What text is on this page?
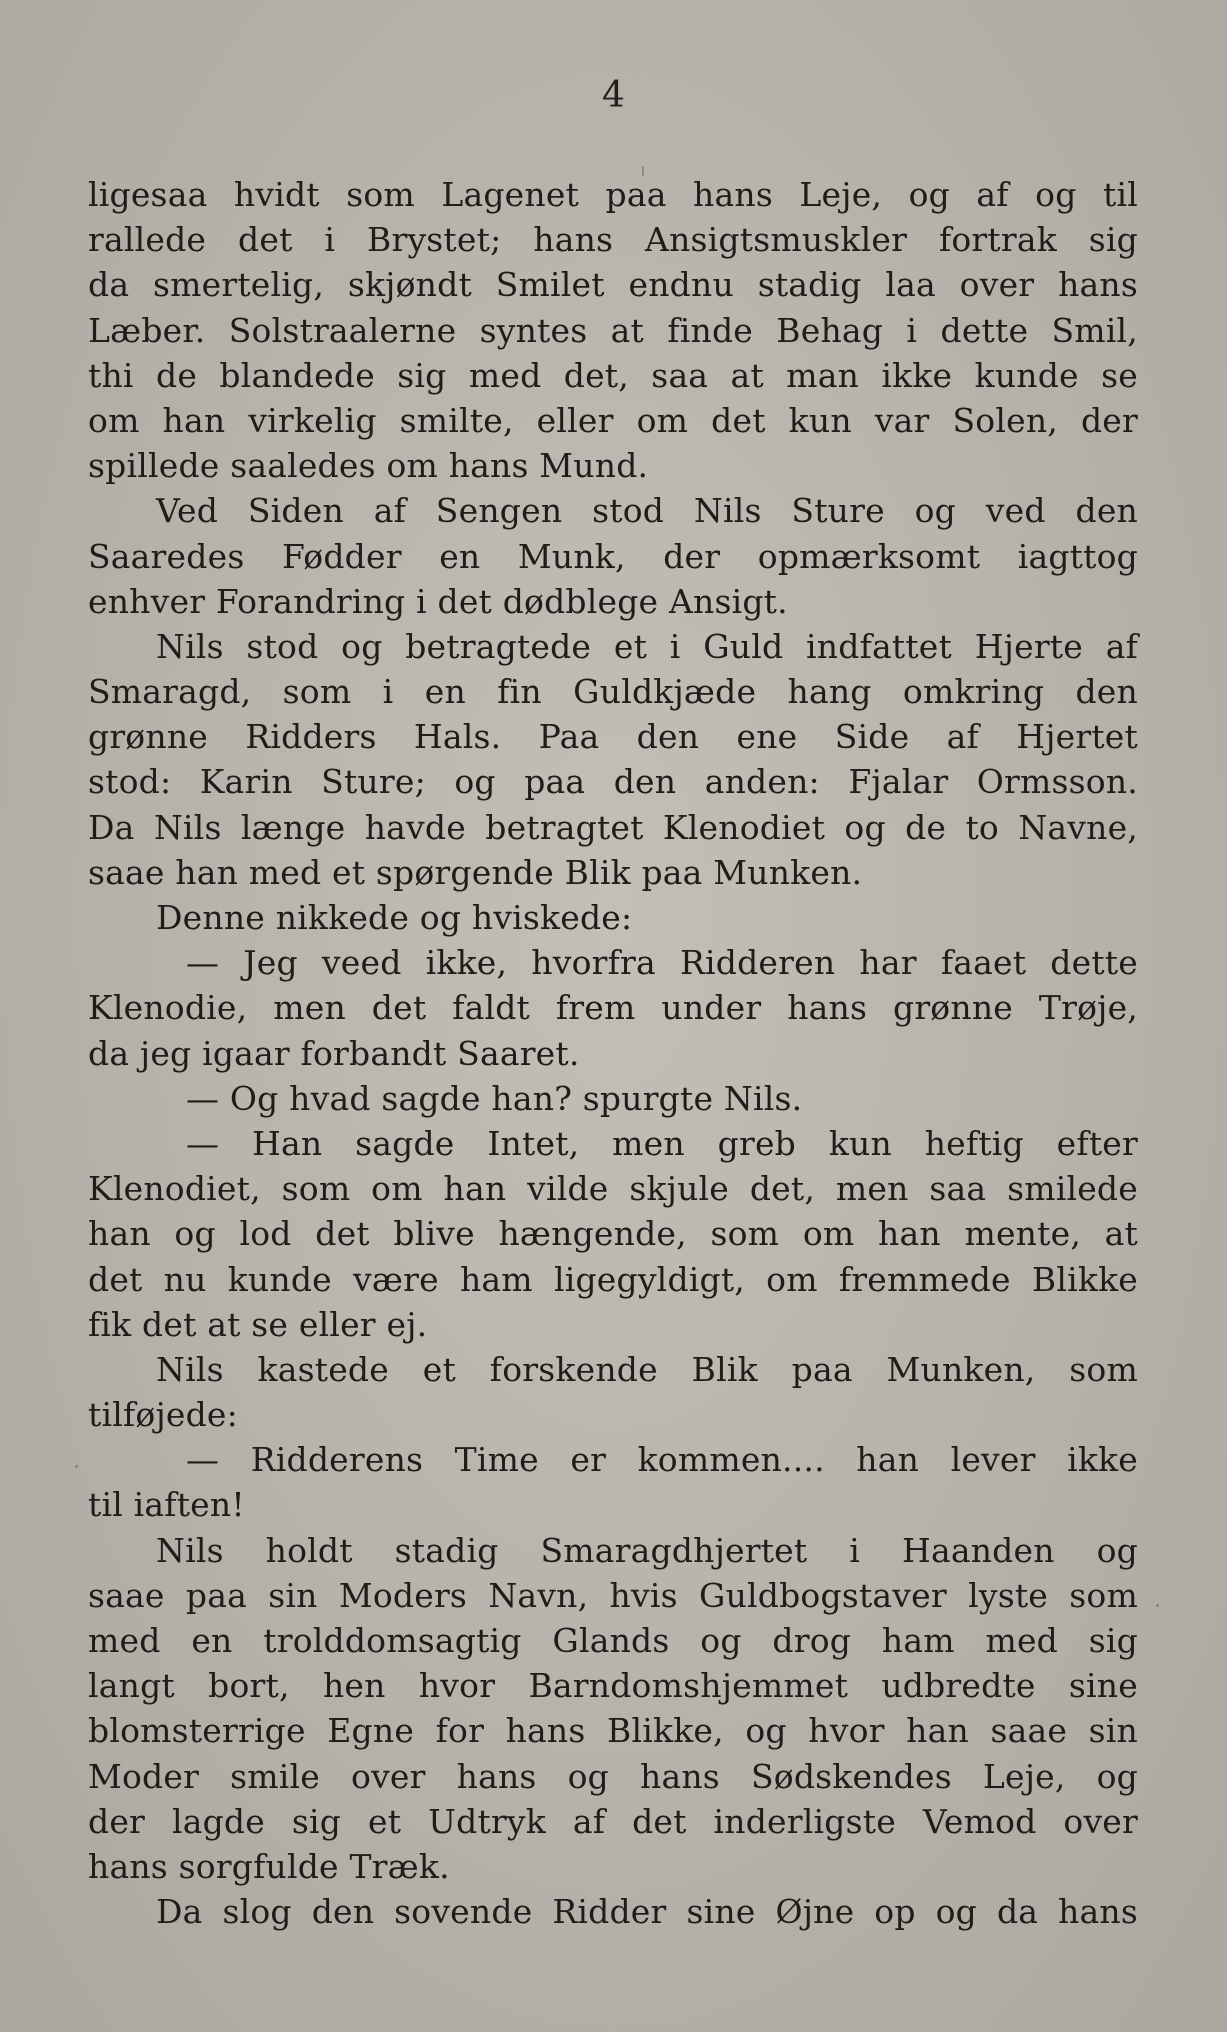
4
ligesaa hvidt som Lagenet paa hans Leje, og af og til
rallede det i Brystet; hans Ansigtsmuskler fortrak sig
da smertelig, skjøndt Smilet endnu stadig laa over hans
Læber. Solstraalerne syntes at finde Behag i dette Smil,
thi de blandede sig med det, saa at man ikke kunde se
om han virkelig smilte, eller om det kun var Solen, der
spillede saaledes om hans Mund.
Ved Siden af Sengen stod Nils Sture og ved den
Saaredes Fødder en Munk, der opmærksomt iagttog
enhver Forandring i det dødblege Ansigt.
Nils stod og betragtede et i Guld indfattet Hjerte af
Smaragd, som i en fin Guldkjæde hang omkring den
grønne Ridders Hals. Paa den ene Side af Hjertet
stod: Karin Sture; og paa den anden: Fjalar Ormsson.
Da Nils længe havde betragtet Klenodiet og de to Navne,
saae han med et spørgende Blik paa Munken.
Denne nikkede og hviskede:
— Jeg veed ikke, hvorfra Ridderen har faaet dette
Klenodie, men det faldt frem under hans grønne Trøje,
da jeg igaar forbandt Saaret.
— Og hvad sagde han? spurgte Nils.
— Han sagde Intet, men greb kun heftig efter
Klenodiet, som om han vilde skjule det, men saa smilede
han og lod det blive hængende, som om han mente, at
det nu kunde være ham ligegyldigt, om fremmede Blikke
fik det at se eller ej.
Nils kastede et forskende Blik paa Munken, som
tilføjede:
— Ridderens Time er kommen.... han lever ikke
til iaften!
Nils holdt stadig Smaragdhjertet i Haanden og
saae paa sin Moders Navn, hvis Guldbogstaver lyste som
med en trolddomsagtig Glands og drog ham med sig
langt bort, hen hvor Barndomshjemmet udbredte sine
blomsterrige Egne for hans Blikke, og hvor han saae sin
Moder smile over hans og hans Sødskendes Leje, og
der lagde sig et Udtryk af det inderligste Vemod over
hans sorgfulde Træk.
Da slog den sovende Ridder sine Øjne op og da hans
